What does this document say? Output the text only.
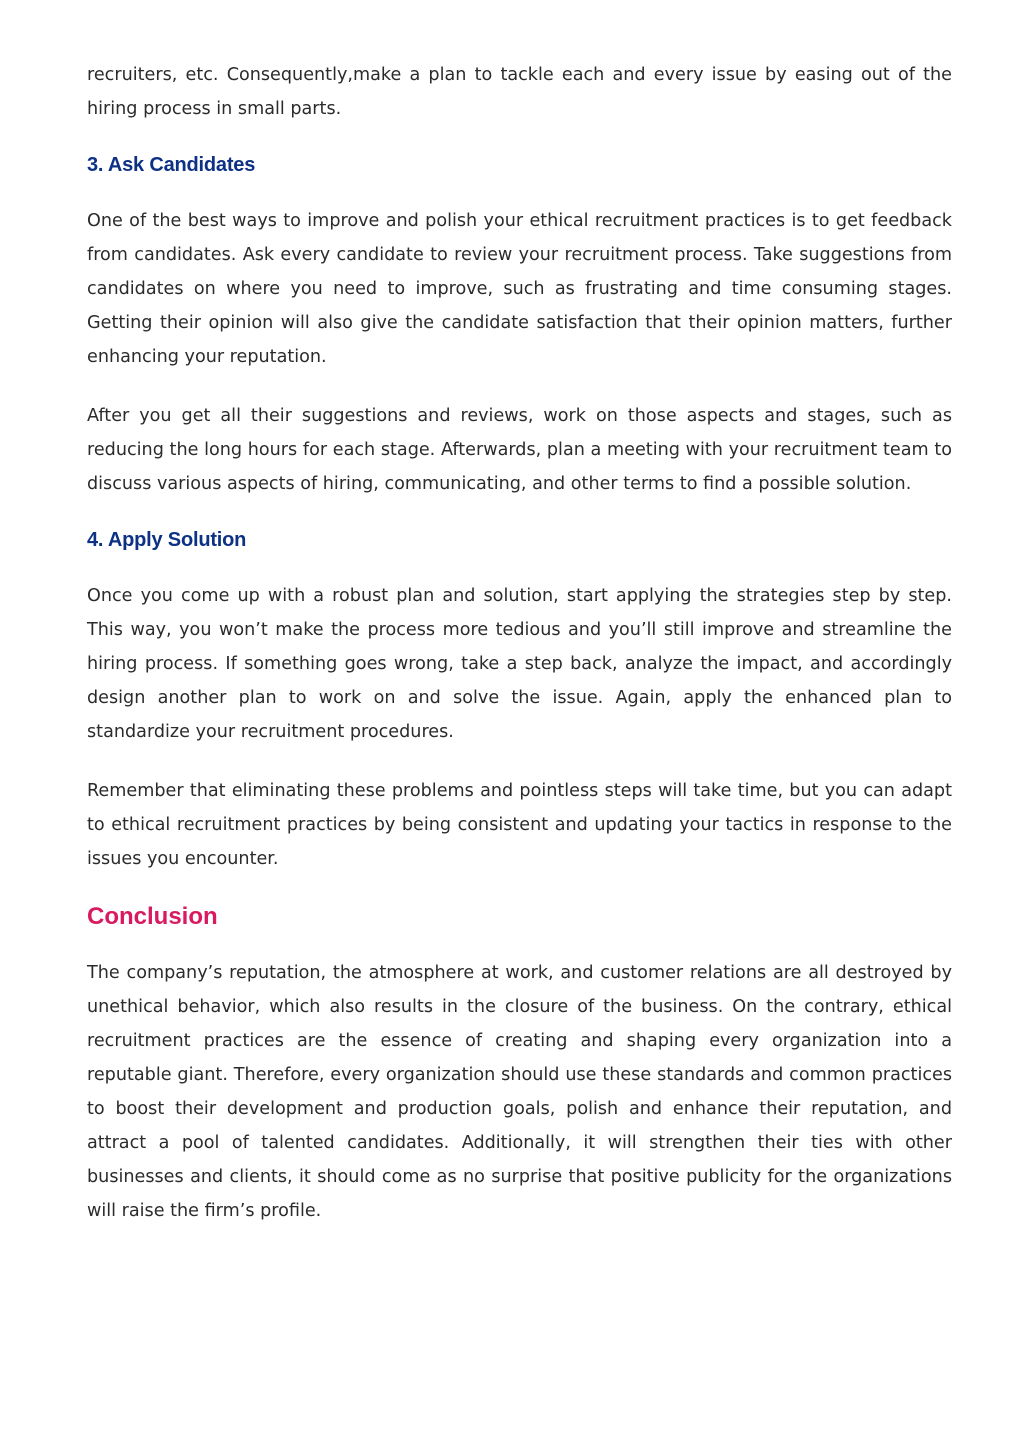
recruiters, etc. Consequently,make a plan to tackle each and every issue by easing out of the hiring process in small parts.

3. Ask Candidates

One of the best ways to improve and polish your ethical recruitment practices is to get feedback from candidates. Ask every candidate to review your recruitment process. Take suggestions from candidates on where you need to improve, such as frustrating and time consuming stages. Getting their opinion will also give the candidate satisfaction that their opinion matters, further enhancing your reputation.

After you get all their suggestions and reviews, work on those aspects and stages, such as reducing the long hours for each stage. Afterwards, plan a meeting with your recruitment team to discuss various aspects of hiring, communicating, and other terms to find a possible solution.

4. Apply Solution

Once you come up with a robust plan and solution, start applying the strategies step by step. This way, you won’t make the process more tedious and you’ll still improve and streamline the hiring process. If something goes wrong, take a step back, analyze the impact, and accordingly design another plan to work on and solve the issue. Again, apply the enhanced plan to standardize your recruitment procedures.

Remember that eliminating these problems and pointless steps will take time, but you can adapt to ethical recruitment practices by being consistent and updating your tactics in response to the issues you encounter.

Conclusion

The company’s reputation, the atmosphere at work, and customer relations are all destroyed by unethical behavior, which also results in the closure of the business. On the contrary, ethical recruitment practices are the essence of creating and shaping every organization into a reputable giant. Therefore, every organization should use these standards and common practices to boost their development and production goals, polish and enhance their reputation, and attract a pool of talented candidates. Additionally, it will strengthen their ties with other businesses and clients, it should come as no surprise that positive publicity for the organizations will raise the firm’s profile.
